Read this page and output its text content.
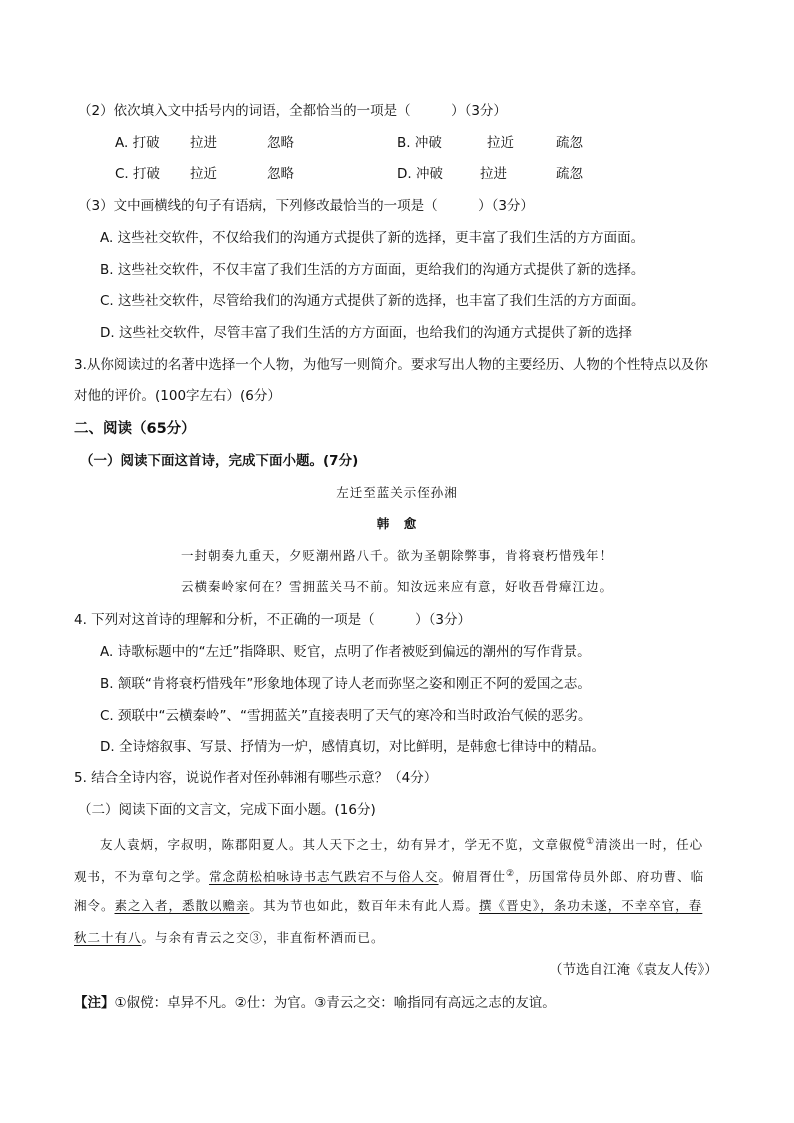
（2）依次填入文中括号内的词语，全都恰当的一项是（　　　）（3分）
A. 打破 拉进	忽略	B. 冲破	拉近	疏忽
C. 打破 拉近	忽略	D. 冲破	拉进	疏忽
（3）文中画横线的句子有语病，下列修改最恰当的一项是（　　　）（3分）
A. 这些社交软件，不仅给我们的沟通方式提供了新的选择，更丰富了我们生活的方方面面。
B. 这些社交软件，不仅丰富了我们生活的方方面面，更给我们的沟通方式提供了新的选择。
C. 这些社交软件，尽管给我们的沟通方式提供了新的选择，也丰富了我们生活的方方面面。
D. 这些社交软件，尽管丰富了我们生活的方方面面，也给我们的沟通方式提供了新的选择
3.从你阅读过的名著中选择一个人物，为他写一则简介。要求写出人物的主要经历、人物的个性特点以及你
对他的评价。(100字左右）(6分）
二、阅读（65分）
（一）阅读下面这首诗，完成下面小题。(7分)
左迁至蓝关示侄孙湘
韩　愈
一封朝奏九重天，夕贬潮州路八千。欲为圣朝除弊事，肯将衰朽惜残年！
云横秦岭家何在？雪拥蓝关马不前。知汝远来应有意，好收吾骨瘴江边。
4. 下列对这首诗的理解和分析，不正确的一项是（　　　）（3分）
A. 诗歌标题中的“左迁”指降职、贬官，点明了作者被贬到偏远的潮州的写作背景。
B. 颔联“肯将衰朽惜残年”形象地体现了诗人老而弥坚之姿和刚正不阿的爱国之志。
C. 颈联中“云横秦岭”、“雪拥蓝关”直接表明了天气的寒冷和当时政治气候的恶劣。
D. 全诗熔叙事、写景、抒情为一炉，感情真切，对比鲜明，是韩愈七律诗中的精品。
5. 结合全诗内容，说说作者对侄孙韩湘有哪些示意？（4分）
（二）阅读下面的文言文，完成下面小题。(16分)
友人袁炳，字叔明，陈郡阳夏人。其人天下之士，幼有异才，学无不览，文章俶傥①清淡出一时，任心
观书，不为章句之学。常念荫松柏咏诗书志气跌宕不与俗人交。俯眉胥仕②，历国常侍员外郎、府功曹、临
湘令。素之入者，悉散以赡亲。其为节也如此，数百年未有此人焉。撰《晋史》，条功未遂，不幸卒官，春
秋二十有八。与余有青云之交③，非直衔杯酒而已。
（节选自江淹《袁友人传》）
【注】①俶傥：卓异不凡。②仕：为官。③青云之交：喻指同有高远之志的友谊。
